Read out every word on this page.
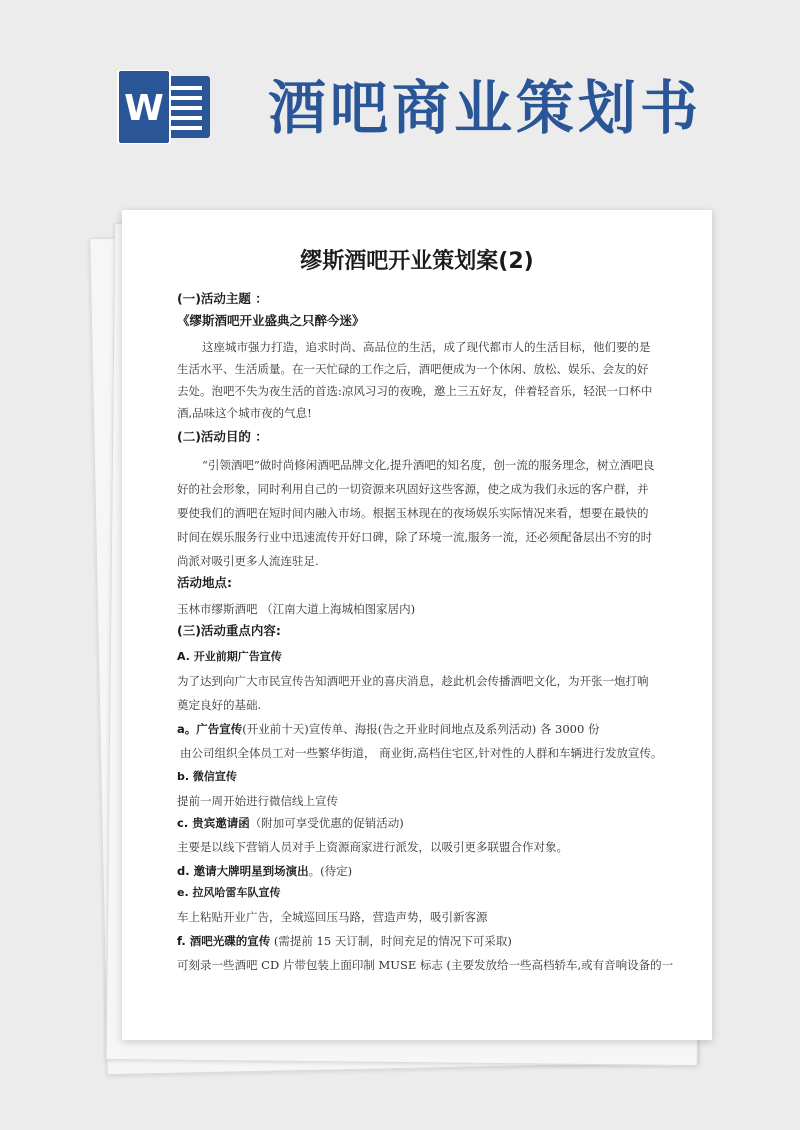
W 酒吧商业策划书
缪斯酒吧开业策划案(2)
(一)活动主题 ：
《缪斯酒吧开业盛典之只醉今迷》
这座城市强力打造，追求时尚、高品位的生活，成了现代都市人的生活目标，他们要的是
生活水平、生活质量。在一天忙碌的工作之后，酒吧便成为一个休闲、放松、娱乐、会友的好
去处。泡吧不失为夜生活的首选:凉风习习的夜晚，邀上三五好友，伴着轻音乐，轻泯一口杯中
酒,品味这个城市夜的气息!
(二)活动目的 ：
“引领酒吧”做时尚修闲酒吧品牌文化,提升酒吧的知名度，创一流的服务理念，树立酒吧良
好的社会形象，同时利用自己的一切资源来巩固好这些客源，使之成为我们永远的客户群，并
要使我们的酒吧在短时间内融入市场。根据玉林现在的夜场娱乐实际情况来看，想要在最快的
时间在娱乐服务行业中迅速流传开好口碑，除了环境一流,服务一流，还必须配备层出不穷的时
尚派对吸引更多人流连驻足.
活动地点:
玉林市缪斯酒吧 （江南大道上海城柏图家居内)
(三)活动重点内容:
A. 开业前期广告宣传
为了达到向广大市民宣传告知酒吧开业的喜庆消息，趁此机会传播酒吧文化，为开张一炮打响
奠定良好的基础.
a。广告宣传(开业前十天)宣传单、海报(告之开业时间地点及系列活动) 各 3000 份
由公司组织全体员工对一些繁华街道， 商业街,高档住宅区,针对性的人群和车辆进行发放宣传。
b. 微信宣传
提前一周开始进行微信线上宣传
c. 贵宾邀请函（附加可享受优惠的促销活动)
主要是以线下营销人员对手上资源商家进行派发，以吸引更多联盟合作对象。
d. 邀请大牌明星到场演出。(待定)
e. 拉风哈雷车队宣传
车上粘贴开业广告，全城巡回压马路，营造声势，吸引新客源
f. 酒吧光碟的宣传 (需提前 15 天订制，时间充足的情况下可采取)
可刻录一些酒吧 CD 片带包装上面印制 MUSE 标志 (主要发放给一些高档轿车,或有音响设备的一
